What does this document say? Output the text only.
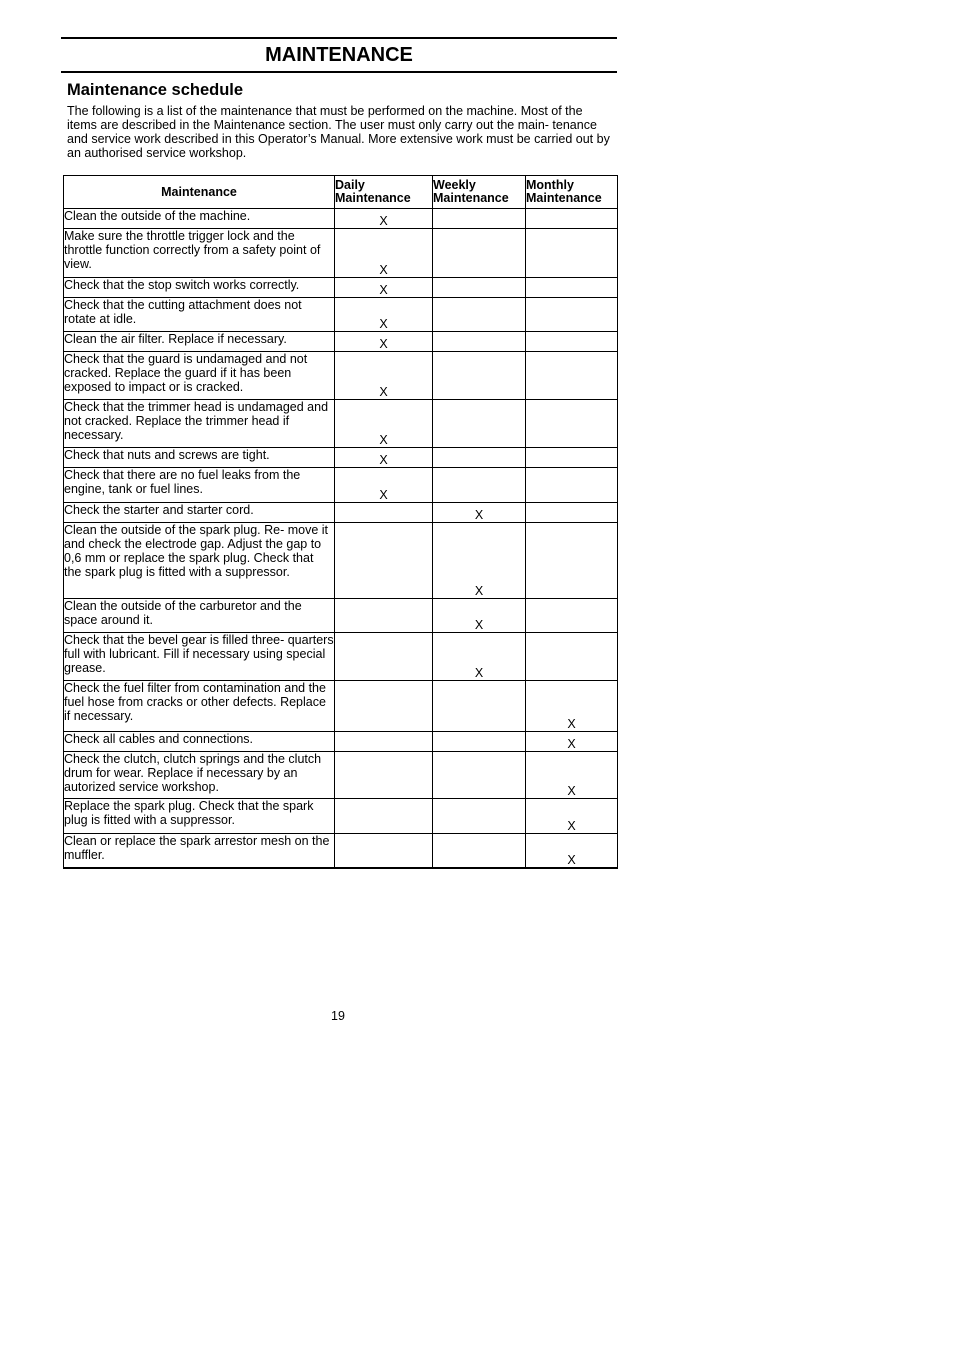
MAINTENANCE
Maintenance schedule

The following is a list of the maintenance that must be performed on the machine. Most of the items are described in the Maintenance section. The user must only carry out the main- tenance and service work described in this Operator’s Manual. More extensive work must be carried out by an authorised service workshop.

Maintenance	Daily Maintenance	Weekly Maintenance	Monthly Maintenance
Clean the outside of the machine.	X		
Make sure the throttle trigger lock and the throttle function correctly from a safety point of view.	X		
Check that the stop switch works correctly.	X		
Check that the cutting attachment does not rotate at idle.	X		
Clean the air filter. Replace if necessary.	X		
Check that the guard is undamaged and not cracked. Replace the guard if it has been exposed to impact or is cracked.	X		
Check that the trimmer head is undamaged and not cracked. Replace the trimmer head if necessary.	X		
Check that nuts and screws are tight.	X		
Check that there are no fuel leaks from the engine, tank or fuel lines.	X		
Check the starter and starter cord.		X	
Clean the outside of the spark plug. Re- move it and check the electrode gap. Adjust the gap to 0,6 mm or replace the spark plug. Check that the spark plug is fitted with a suppressor.		X	
Clean the outside of the carburetor and the space around it.		X	
Check that the bevel gear is filled three- quarters full with lubricant. Fill if necessary using special grease.		X	
Check the fuel filter from contamination and the fuel hose from cracks or other defects. Replace if necessary.			X
Check all cables and connections.			X
Check the clutch, clutch springs and the clutch drum for wear. Replace if necessary by an autorized service workshop.			X
Replace the spark plug. Check that the spark plug is fitted with a suppressor.			X
Clean or replace the spark arrestor mesh on the muffler.			X
19
